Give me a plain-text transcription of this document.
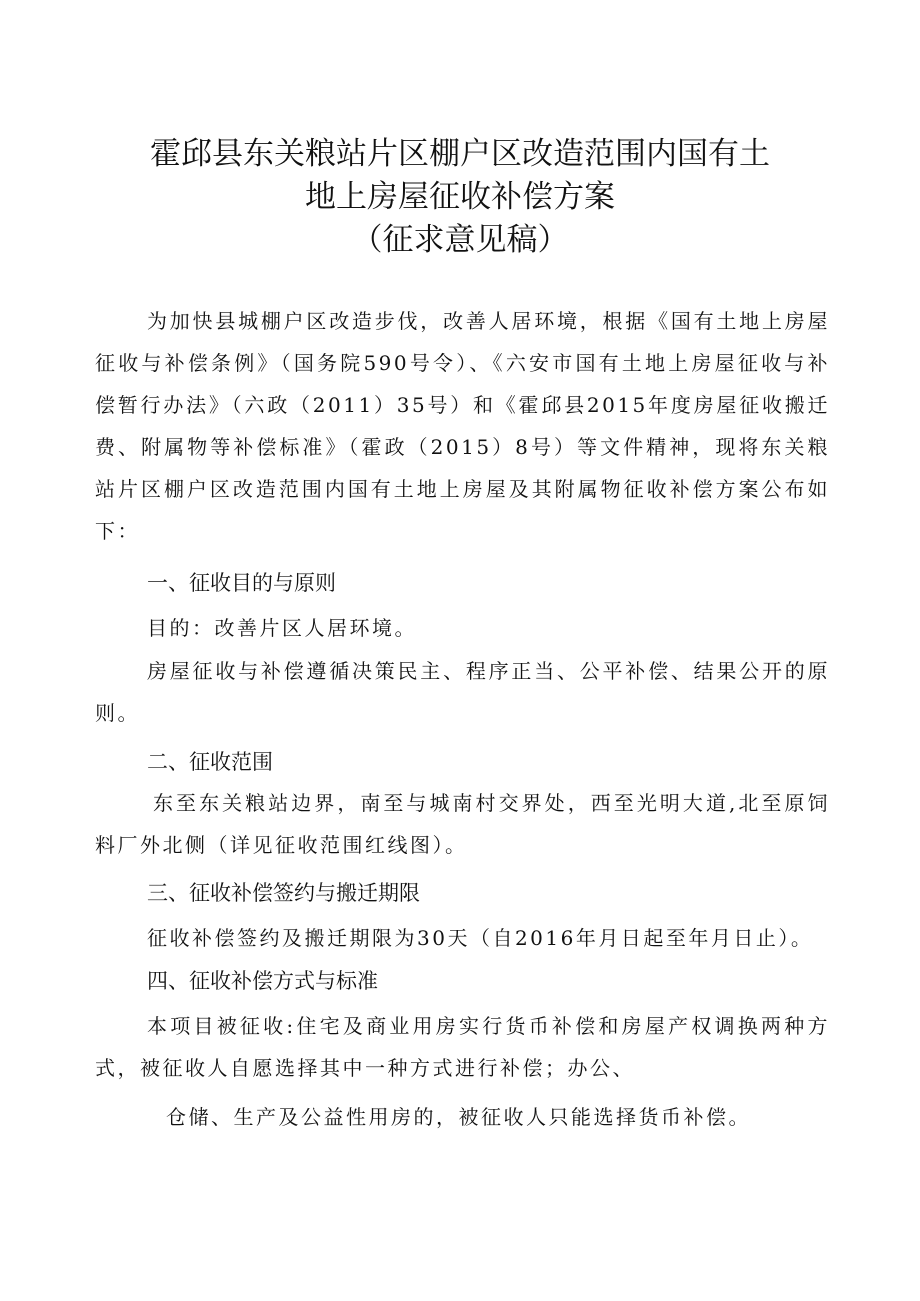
霍邱县东关粮站片区棚户区改造范围内国有土
地上房屋征收补偿方案
（征求意见稿）
为加快县城棚户区改造步伐，改善人居环境，根据《国有土地上房屋征收与补偿条例》（国务院590号令）、《六安市国有土地上房屋征收与补偿暂行办法》（六政（2011）35号）和《霍邱县2015年度房屋征收搬迁费、附属物等补偿标准》（霍政（2015）8号）等文件精神，现将东关粮站片区棚户区改造范围内国有土地上房屋及其附属物征收补偿方案公布如下：
一、征收目的与原则
目的：改善片区人居环境。
房屋征收与补偿遵循决策民主、程序正当、公平补偿、结果公开的原则。
二、征收范围
东至东关粮站边界，南至与城南村交界处，西至光明大道,北至原饲料厂外北侧（详见征收范围红线图）。
三、征收补偿签约与搬迁期限
征收补偿签约及搬迁期限为30天（自2016年月日起至年月日止）。
四、征收补偿方式与标准
本项目被征收:住宅及商业用房实行货币补偿和房屋产权调换两种方式，被征收人自愿选择其中一种方式进行补偿；办公、
仓储、生产及公益性用房的，被征收人只能选择货币补偿。
